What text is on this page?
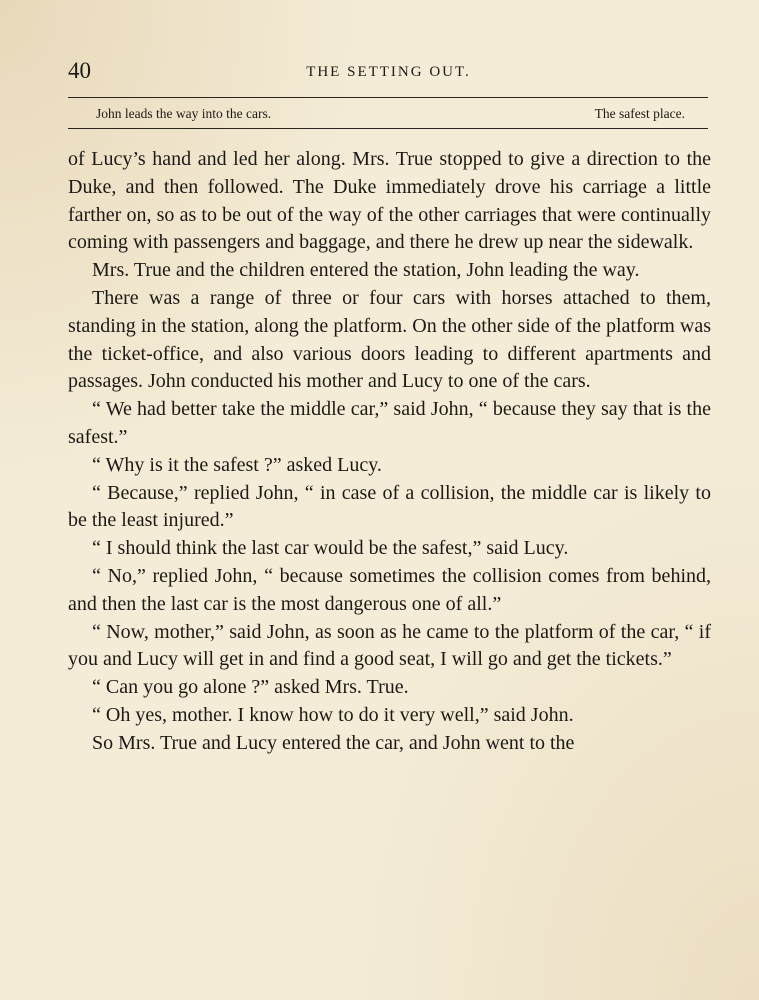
40	THE SETTING OUT.
John leads the way into the cars.	The safest place.

of Lucy’s hand and led her along. Mrs. True stopped to give a direction to the Duke, and then followed. The Duke immediately drove his carriage a little farther on, so as to be out of the way of the other carriages that were continually coming with passengers and baggage, and there he drew up near the sidewalk.

Mrs. True and the children entered the station, John leading the way.

There was a range of three or four cars with horses attached to them, standing in the station, along the platform. On the other side of the platform was the ticket-office, and also various doors leading to different apartments and passages. John conducted his mother and Lucy to one of the cars.

“ We had better take the middle car,” said John, “ because they say that is the safest.”

“ Why is it the safest ?” asked Lucy.

“ Because,” replied John, “ in case of a collision, the middle car is likely to be the least injured.”

“ I should think the last car would be the safest,” said Lucy.

“ No,” replied John, “ because sometimes the collision comes from behind, and then the last car is the most dangerous one of all.”

“ Now, mother,” said John, as soon as he came to the platform of the car, “ if you and Lucy will get in and find a good seat, I will go and get the tickets.”

“ Can you go alone ?” asked Mrs. True.

“ Oh yes, mother. I know how to do it very well,” said John.

So Mrs. True and Lucy entered the car, and John went to the
